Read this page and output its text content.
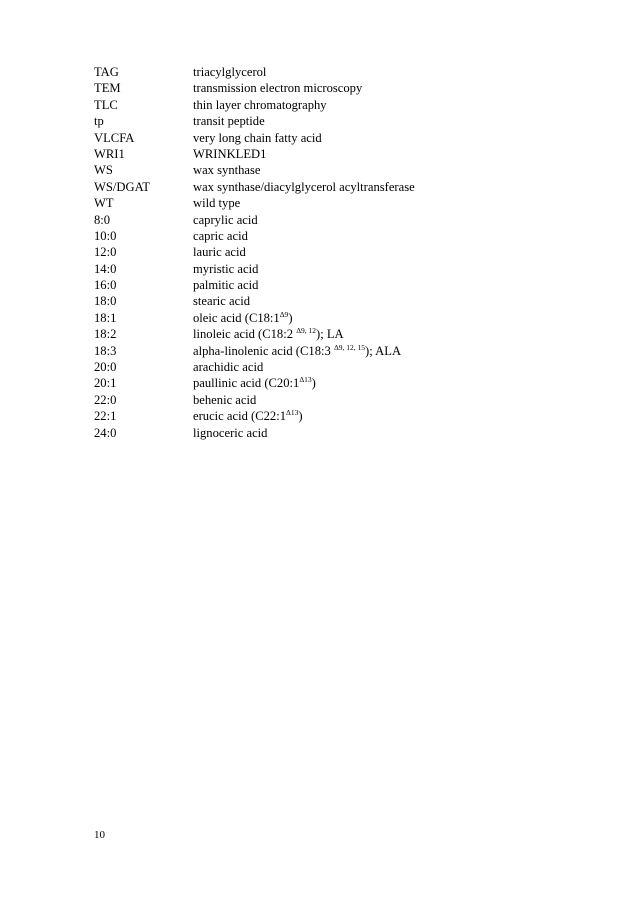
TAG	triacylglycerol
TEM	transmission electron microscopy
TLC	thin layer chromatography
tp	transit peptide
VLCFA	very long chain fatty acid
WRI1	WRINKLED1
WS	wax synthase
WS/DGAT	wax synthase/diacylglycerol acyltransferase
WT	wild type
8:0	caprylic acid
10:0	capric acid
12:0	lauric acid
14:0	myristic acid
16:0	palmitic acid
18:0	stearic acid
18:1	oleic acid $(C18:1^{\Delta 9})$
18:2	linoleic acid (C18:2 $^{\Delta 9, 12}$); LA
18:3	alpha-linolenic acid (C18:3 $^{\Delta 9, 12, 15}$); ALA
20:0	arachidic acid
20:1	paullinic acid $(C20:1^{\Delta 13})$
22:0	behenic acid
22:1	erucic acid $(C22:1^{\Delta 13})$
24:0	lignoceric acid
10
